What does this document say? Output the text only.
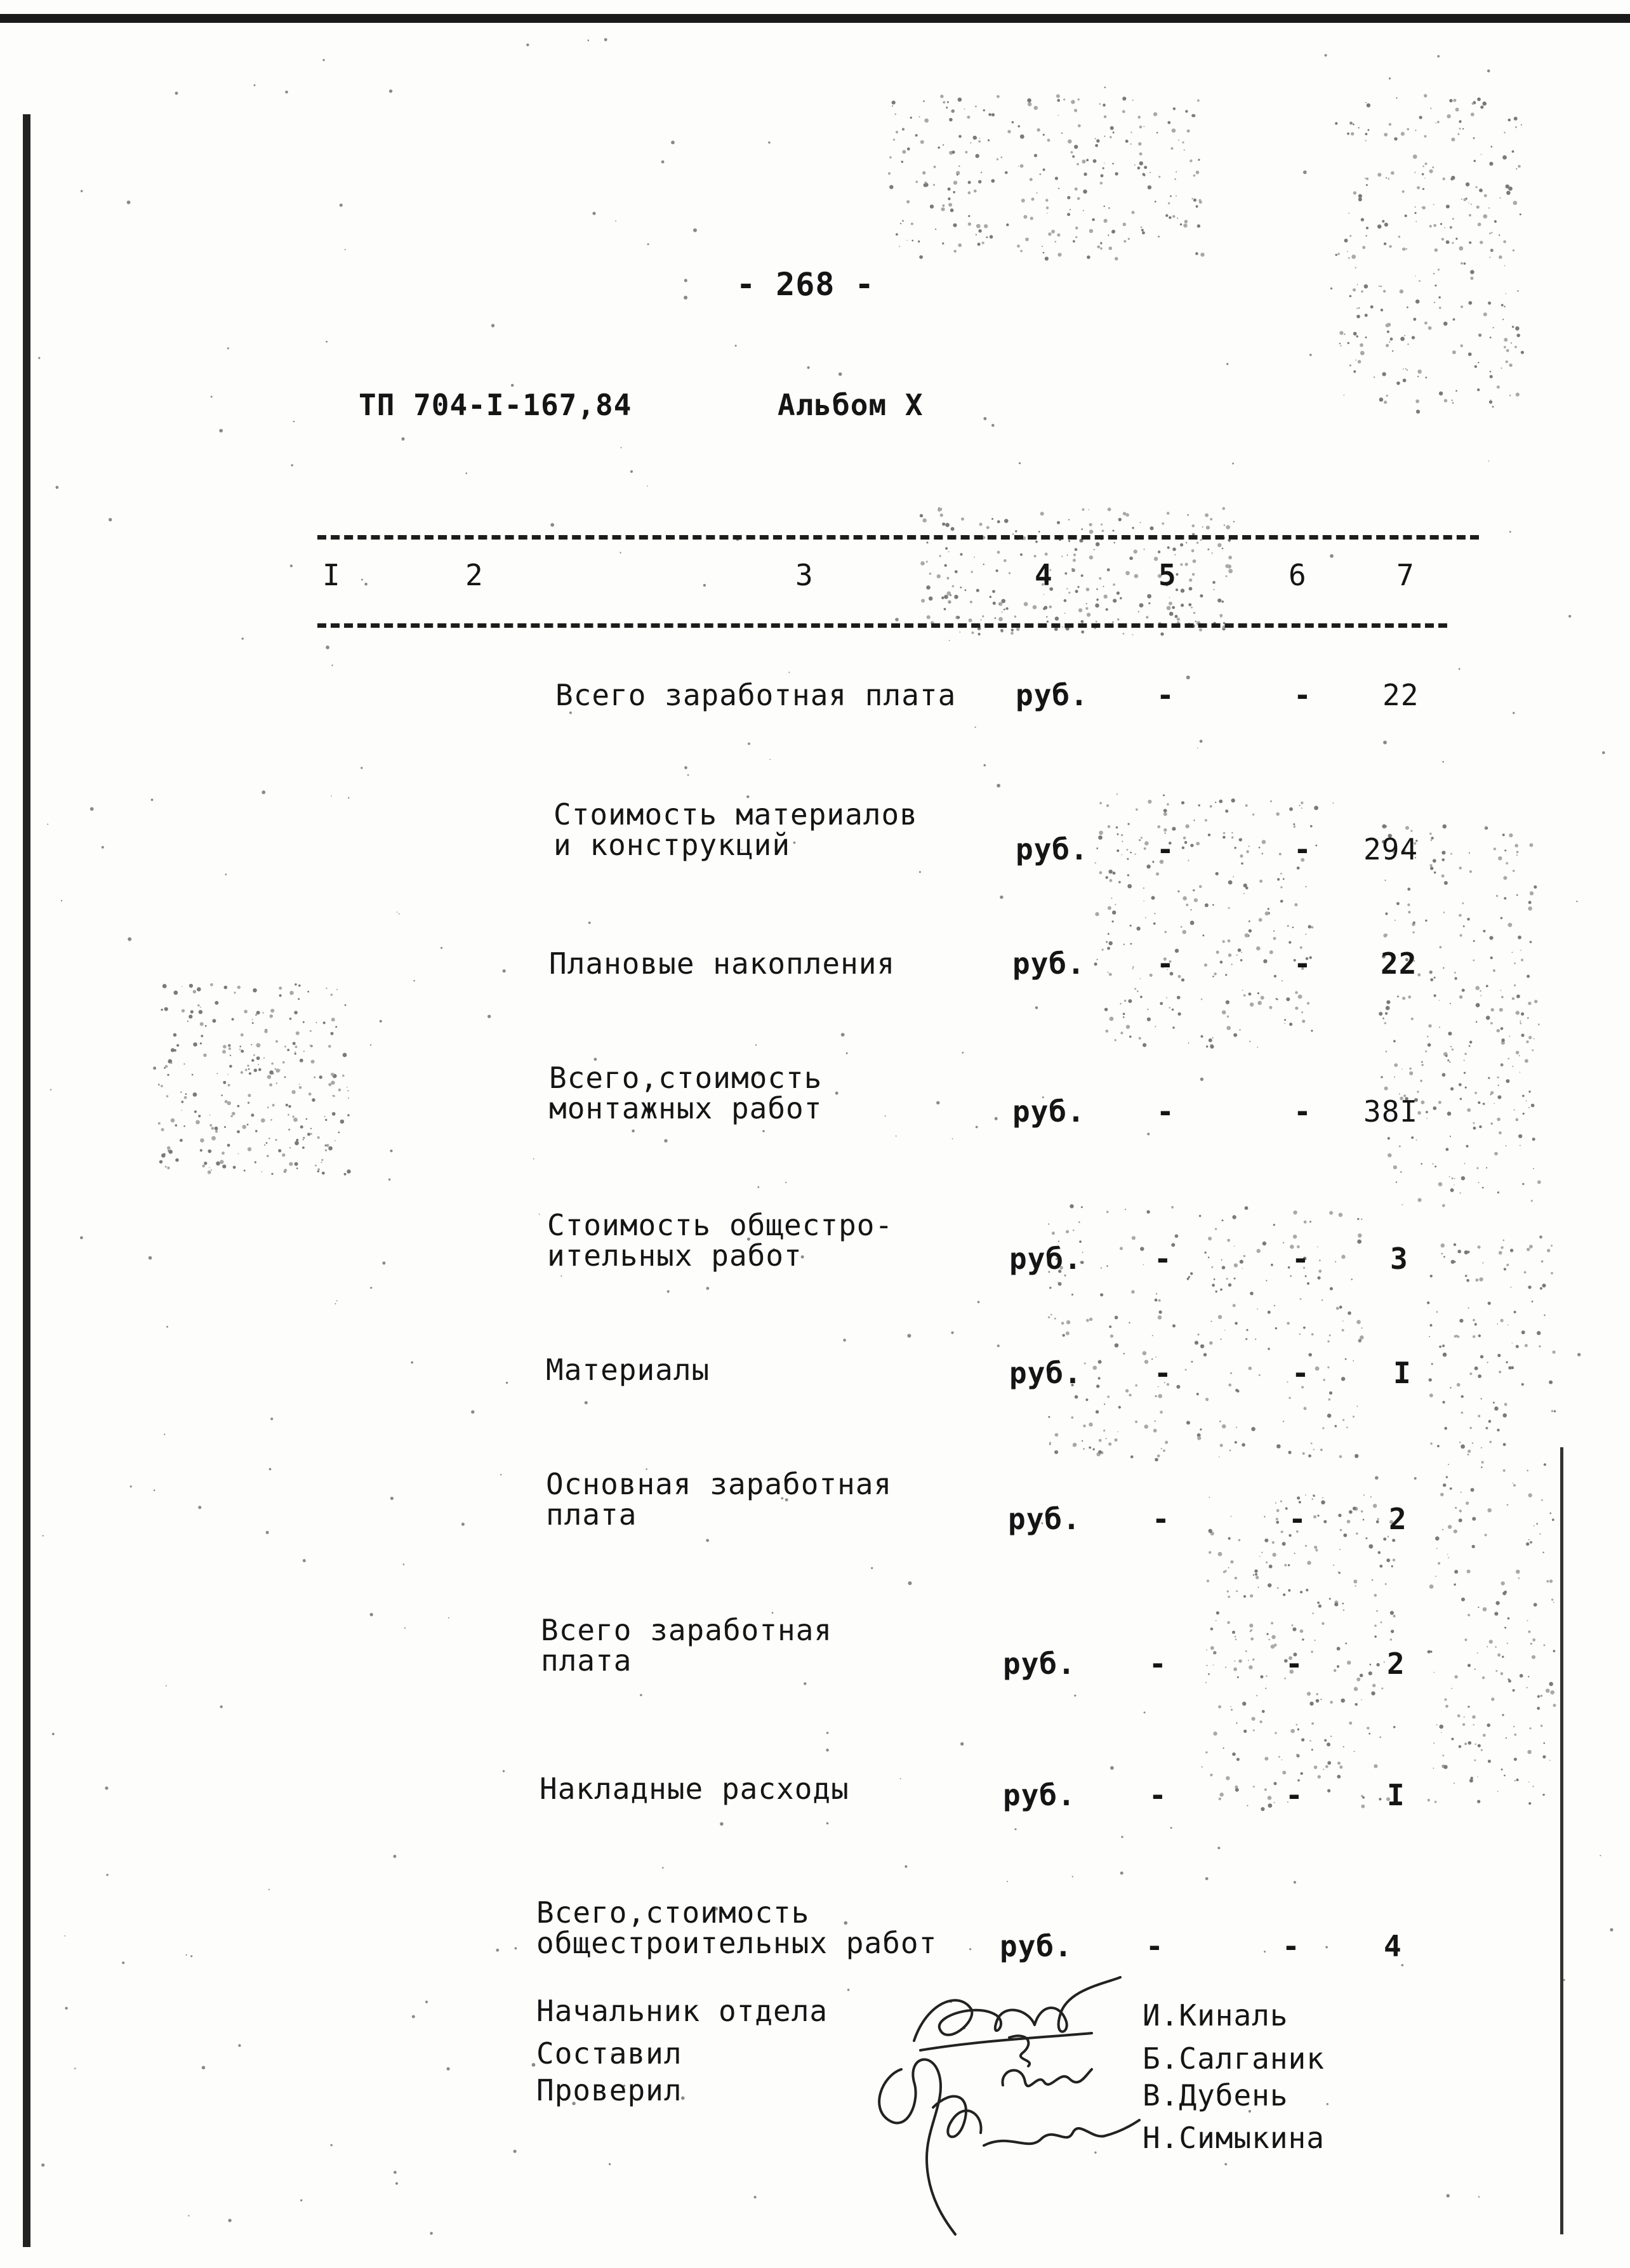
- 268 -
ТП 704-I-167,84	Альбом X
I	2	3	4	5	6	7
Всего заработная плата руб. -	- 22
Стоимость материалов
и конструкций	руб. -	- 294
Плановые накопления	руб. -	- 22
Всего,стоимость
монтажных работ	руб. -	- 38I
Стоимость общестро-
ительных работ	руб. -	-	3
Материалы	руб. -	-	I
Основная заработная
плата	руб. -	-	2
Всего заработная
плата	руб.	-	-	2
Накладные расходы	руб.	-	-	I
Всего,стоимость
общестроительных работ руб.	-	-	4
Начальник отдела
Составил
Проверил
И.Киналь
Б.Салганик
В.Дубень
Н.Симыкина
